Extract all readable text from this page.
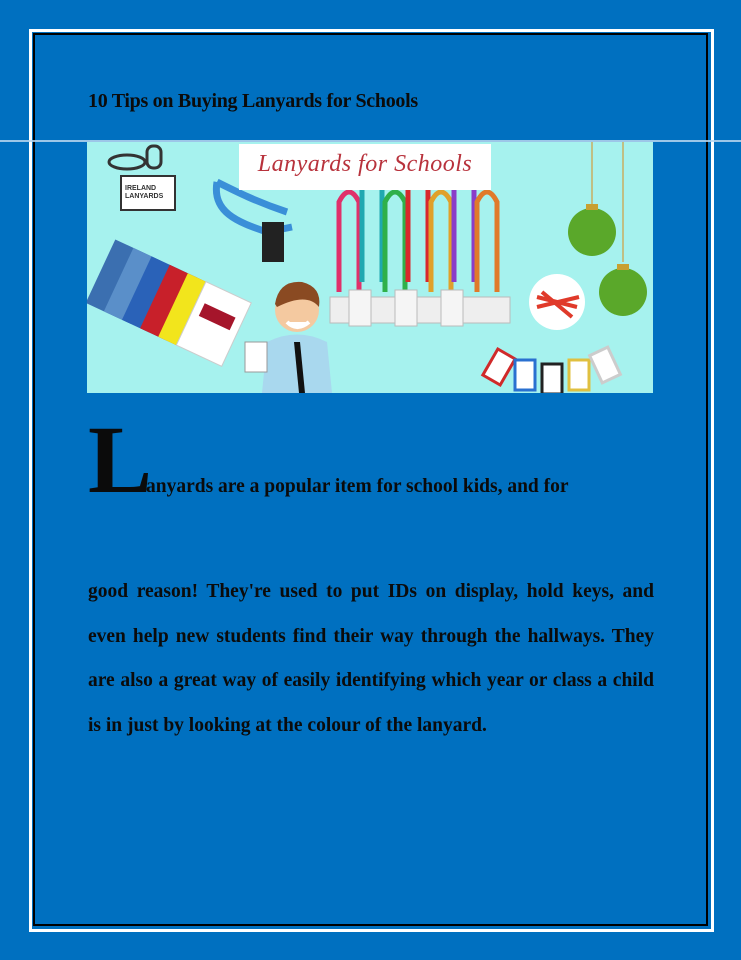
10 Tips on Buying Lanyards for Schools
IRELAND
LANYARDS
Lanyards for Schools
L
anyards are a popular item for school kids, and for

good reason! They're used to put IDs on display, hold keys, and even help new students find their way through the hallways. They are also a great way of easily identifying which year or class a child is in just by looking at the colour of the lanyard.
